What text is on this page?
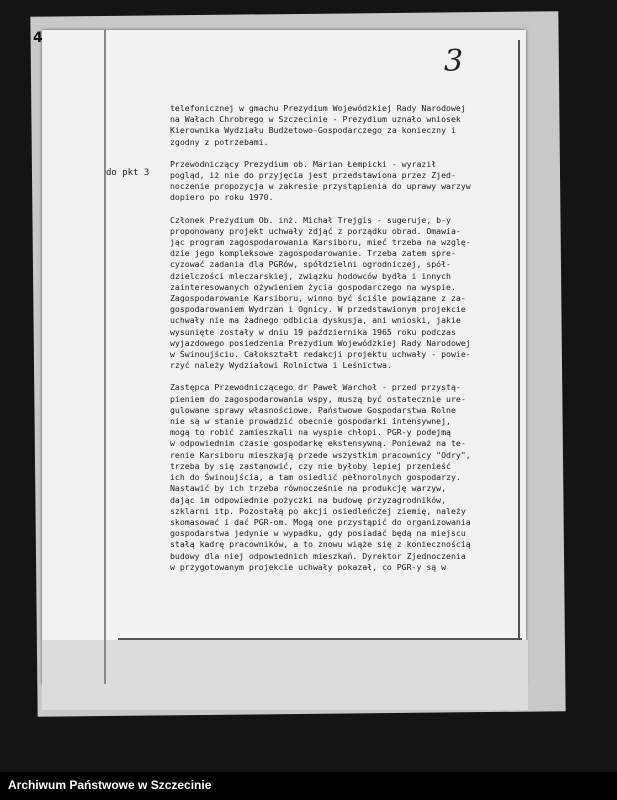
4
3
do pkt 3
telefonicznej w gmachu Prezydium Wojewódzkiej Rady Narodowej
na Wałach Chrobrego w Szczecinie - Prezydium uznało wniosek
Kierownika Wydziału Budżetowo-Gospodarczego za konieczny i
zgodny z potrzebami.
Przewodniczący Prezydium ob. Marian Łempicki - wyraził
pogląd, iż nie do przyjęcia jest przedstawiona przez Zjed-
noczenie propozycja w zakresie przystąpienia do uprawy warzyw
dopiero po roku 1970.
Członek Prezydium Ob. inż. Michał Trejgis - sugeruje, b-y
proponowany projekt uchwały zdjąć z porządku obrad. Omawia-
jąc program zagospodarowania Karsiboru, mieć trzeba na wzglę-
dzie jego kompleksowe zagospodarowanie. Trzeba zatem spre-
cyzować zadania dla PGRów, spółdzielni ogrodniczej, spół-
dzielczości mleczarskiej, związku hodowców bydła i innych
zainteresowanych ożywieniem życia gospodarczego na wyspie.
Zagospodarowanie Karsiboru, winno być ściśle powiązane z za-
gospodarowaniem Wydrzan i Ognicy. W przedstawionym projekcie
uchwały nie ma żadnego odbicia dyskusja, ani wnioski, jakie
wysunięte zostały w dniu 19 października 1965 roku podczas
wyjazdowego posiedzenia Prezydium Wojewódzkiej Rady Narodowej
w Świnoujściu. Całokształt redakcji projektu uchwały - powie-
rzyć należy Wydziałowi Rolnictwa i Leśnictwa.
Zastępca Przewodniczącego dr Paweł Warchoł - przed przystą-
pieniem do zagospodarowania wspy, muszą być ostatecznie ure-
gulowane sprawy własnościowe. Państwowe Gospodarstwa Rolne
nie są w stanie prowadzić obecnie gospodarki intensywnej,
mogą to robić zamieszkali na wyspie chłopi. PGR-y podejmą
w odpowiednim czasie gospodarkę ekstensywną. Ponieważ na te-
renie Karsiboru mieszkają przede wszystkim pracownicy "Odry",
trzeba by się zastanowić, czy nie byłoby lepiej przenieść
ich do Świnoujścia, a tam osiedlić pełnorolnych gospodarzy.
Nastawić by ich trzeba równocześnie na produkcję warzyw,
dając im odpowiednie pożyczki na budowę przyzagrodników,
szklarni itp. Pozostałą po akcji osiedleńczej ziemię, należy
skomasować i dać PGR-om. Mogą one przystąpić do organizowania
gospodarstwa jedynie w wypadku, gdy posiadać będą na miejscu
stałą kadrę pracowników, a to znowu wiąże się z koniecznością
budowy dla niej odpowiednich mieszkań. Dyrektor Zjednoczenia
w przygotowanym projekcie uchwały pokazał, co PGR-y są w
Archiwum Państwowe w Szczecinie
